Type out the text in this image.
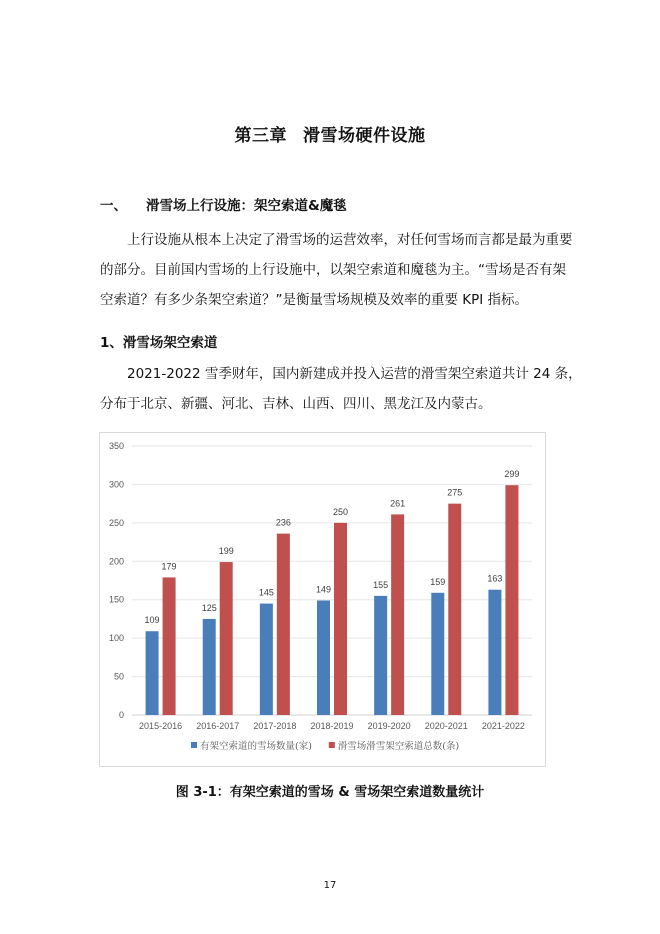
第三章 滑雪场硬件设施
一、 滑雪场上行设施：架空索道&魔毯
上行设施从根本上决定了滑雪场的运营效率，对任何雪场而言都是最为重要
的部分。目前国内雪场的上行设施中，以架空索道和魔毯为主。“雪场是否有架
空索道？有多少条架空索道？”是衡量雪场规模及效率的重要 KPI 指标。
1、滑雪场架空索道
2021-2022 雪季财年，国内新建成并投入运营的滑雪架空索道共计 24 条，
分布于北京、新疆、河北、吉林、山西、四川、黑龙江及内蒙古。
0
50
100
150
200
250
300
350
109
179
2015-2016
125
199
2016-2017
145
236
2017-2018
149
250
2018-2019
155
261
2019-2020
159
275
2020-2021
163
299
2021-2022
有架空索道的雪场数量(家)	滑雪场滑雪架空索道总数(条)
图 3-1：有架空索道的雪场 & 雪场架空索道数量统计
17
